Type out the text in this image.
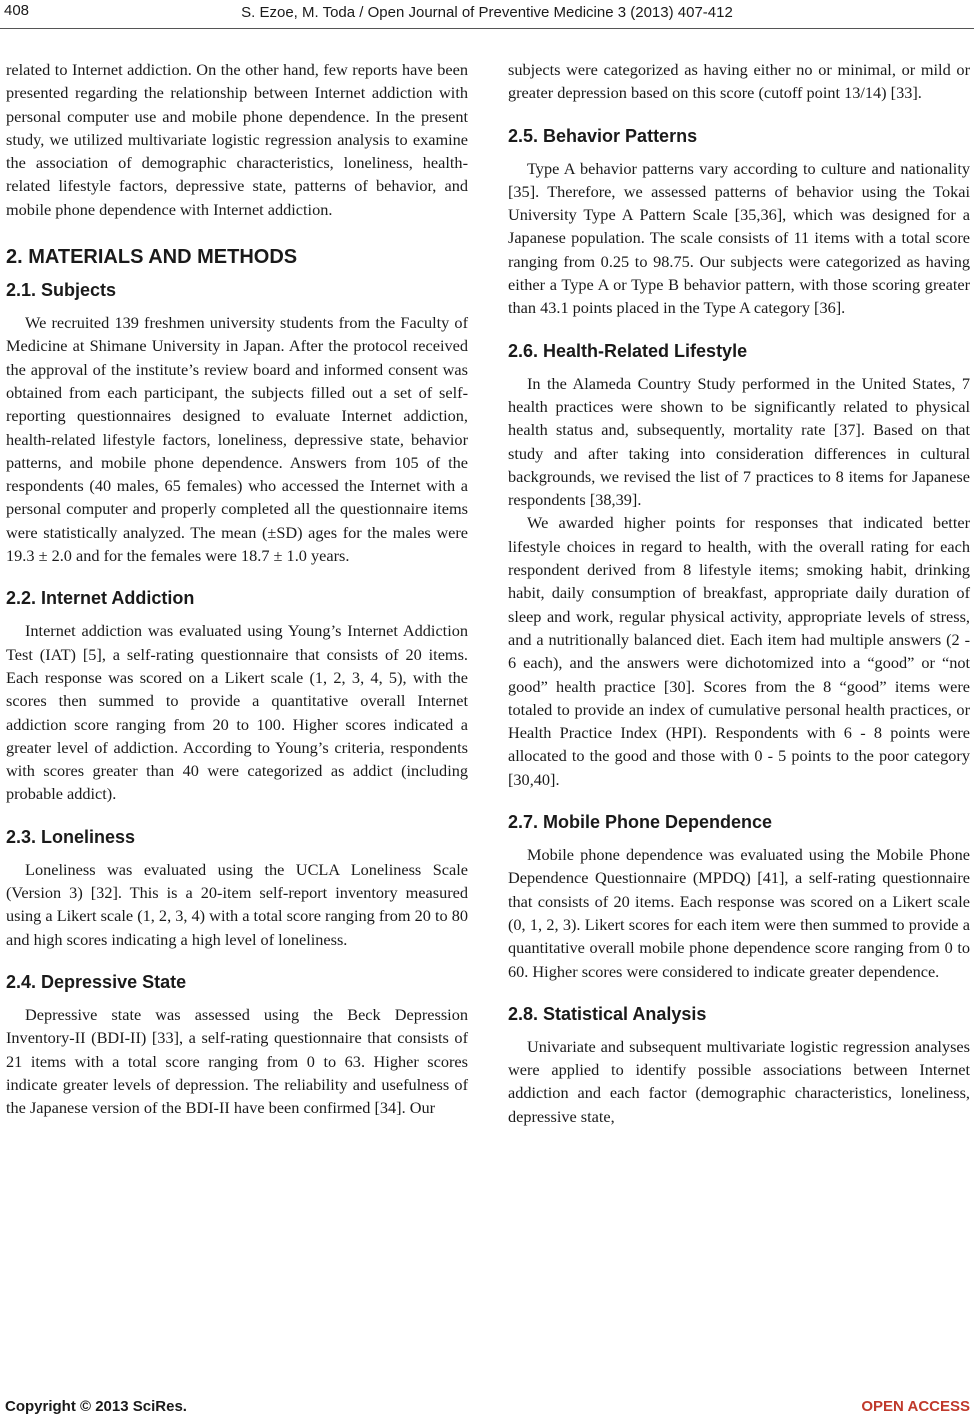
408	S. Ezoe, M. Toda / Open Journal of Preventive Medicine 3 (2013) 407-412

related to Internet addiction. On the other hand, few reports have been presented regarding the relationship between Internet addiction with personal computer use and mobile phone dependence. In the present study, we utilized multivariate logistic regression analysis to examine the association of demographic characteristics, loneliness, health-related lifestyle factors, depressive state, patterns of behavior, and mobile phone dependence with Internet addiction.

2. MATERIALS AND METHODS
2.1. Subjects

We recruited 139 freshmen university students from the Faculty of Medicine at Shimane University in Japan. After the protocol received the approval of the institute’s review board and informed consent was obtained from each participant, the subjects filled out a set of self-reporting questionnaires designed to evaluate Internet addiction, health-related lifestyle factors, loneliness, depressive state, behavior patterns, and mobile phone dependence. Answers from 105 of the respondents (40 males, 65 females) who accessed the Internet with a personal computer and properly completed all the questionnaire items were statistically analyzed. The mean (±SD) ages for the males were 19.3 ± 2.0 and for the females were 18.7 ± 1.0 years.

2.2. Internet Addiction

Internet addiction was evaluated using Young’s Internet Addiction Test (IAT) [5], a self-rating questionnaire that consists of 20 items. Each response was scored on a Likert scale (1, 2, 3, 4, 5), with the scores then summed to provide a quantitative overall Internet addiction score ranging from 20 to 100. Higher scores indicated a greater level of addiction. According to Young’s criteria, respondents with scores greater than 40 were categorized as addict (including probable addict).

2.3. Loneliness

Loneliness was evaluated using the UCLA Loneliness Scale (Version 3) [32]. This is a 20-item self-report inventory measured using a Likert scale (1, 2, 3, 4) with a total score ranging from 20 to 80 and high scores indicating a high level of loneliness.

2.4. Depressive State

Depressive state was assessed using the Beck Depression Inventory-II (BDI-II) [33], a self-rating questionnaire that consists of 21 items with a total score ranging from 0 to 63. Higher scores indicate greater levels of depression. The reliability and usefulness of the Japanese version of the BDI-II have been confirmed [34]. Our

subjects were categorized as having either no or minimal, or mild or greater depression based on this score (cutoff point 13/14) [33].

2.5. Behavior Patterns

Type A behavior patterns vary according to culture and nationality [35]. Therefore, we assessed patterns of behavior using the Tokai University Type A Pattern Scale [35,36], which was designed for a Japanese population. The scale consists of 11 items with a total score ranging from 0.25 to 98.75. Our subjects were categorized as having either a Type A or Type B behavior pattern, with those scoring greater than 43.1 points placed in the Type A category [36].

2.6. Health-Related Lifestyle

In the Alameda Country Study performed in the United States, 7 health practices were shown to be significantly related to physical health status and, subsequently, mortality rate [37]. Based on that study and after taking into consideration differences in cultural backgrounds, we revised the list of 7 practices to 8 items for Japanese respondents [38,39].

We awarded higher points for responses that indicated better lifestyle choices in regard to health, with the overall rating for each respondent derived from 8 lifestyle items; smoking habit, drinking habit, daily consumption of breakfast, appropriate daily duration of sleep and work, regular physical activity, appropriate levels of stress, and a nutritionally balanced diet. Each item had multiple answers (2 - 6 each), and the answers were dichotomized into a “good” or “not good” health practice [30]. Scores from the 8 “good” items were totaled to provide an index of cumulative personal health practices, or Health Practice Index (HPI). Respondents with 6 - 8 points were allocated to the good and those with 0 - 5 points to the poor category [30,40].

2.7. Mobile Phone Dependence

Mobile phone dependence was evaluated using the Mobile Phone Dependence Questionnaire (MPDQ) [41], a self-rating questionnaire that consists of 20 items. Each response was scored on a Likert scale (0, 1, 2, 3). Likert scores for each item were then summed to provide a quantitative overall mobile phone dependence score ranging from 0 to 60. Higher scores were considered to indicate greater dependence.

2.8. Statistical Analysis

Univariate and subsequent multivariate logistic regression analyses were applied to identify possible associations between Internet addiction and each factor (demographic characteristics, loneliness, depressive state,

Copyright © 2013 SciRes.	OPEN ACCESS
